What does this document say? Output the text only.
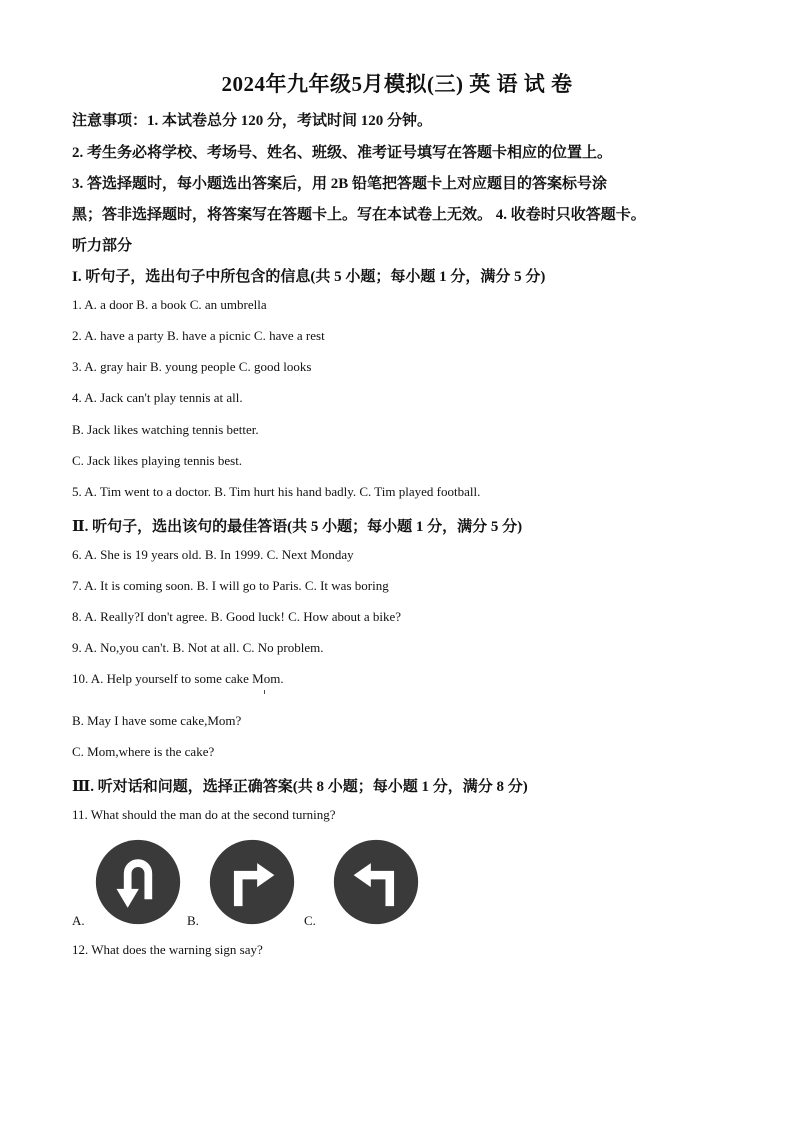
2024年九年级5月模拟(三) 英 语 试 卷
注意事项：1. 本试卷总分 120 分，考试时间 120 分钟。
2. 考生务必将学校、考场号、姓名、班级、准考证号填写在答题卡相应的位置上。
3. 答选择题时，每小题选出答案后，用 2B 铅笔把答题卡上对应题目的答案标号涂
黑；答非选择题时，将答案写在答题卡上。写在本试卷上无效。 4. 收卷时只收答题卡。
听力部分
I. 听句子，选出句子中所包含的信息(共 5 小题；每小题 1 分，满分 5 分)
1. A. a door B. a book C. an umbrella
2. A. have a party B. have a picnic C. have a rest
3. A. gray hair B. young people C. good looks
4. A. Jack can't play tennis at all.
B. Jack likes watching tennis better.
C. Jack likes playing tennis best.
5. A. Tim went to a doctor. B. Tim hurt his hand badly. C. Tim played football.
Ⅱ. 听句子，选出该句的最佳答语(共 5 小题；每小题 1 分，满分 5 分)
6. A. She is 19 years old. B. In 1999. C. Next Monday
7. A. It is coming soon. B. I will go to Paris. C. It was boring
8. A. Really?I don't agree. B. Good luck! C. How about a bike?
9. A. No,you can't. B. Not at all. C. No problem.
10. A. Help yourself to some cake Mom.
B. May I have some cake,Mom?
C. Mom,where is the cake?
Ⅲ. 听对话和问题，选择正确答案(共 8 小题；每小题 1 分，满分 8 分)
11. What should the man do at the second turning?
A.	B.	C.
12. What does the warning sign say?
